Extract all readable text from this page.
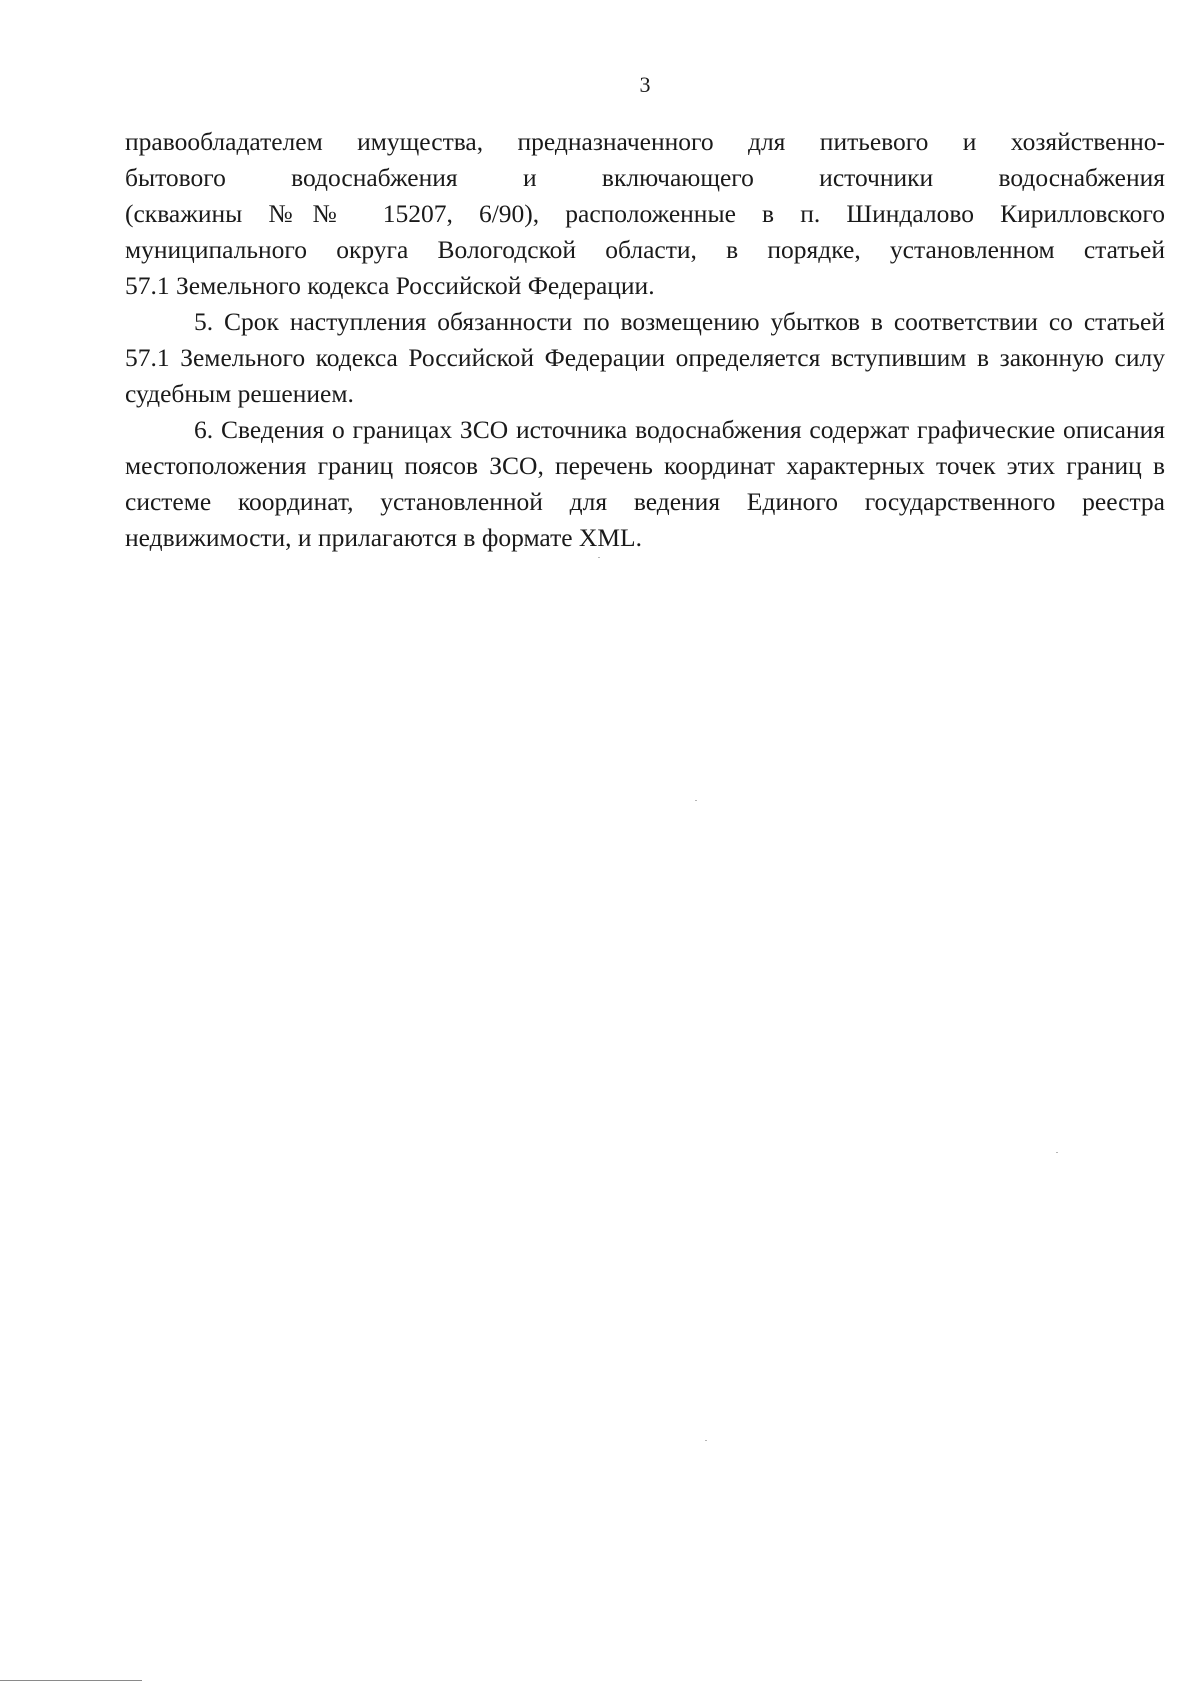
3

правообладателем имущества, предназначенного для питьевого и хозяйственно-

бытового водоснабжения и включающего источники водоснабжения

(скважины №№ 15207, 6/90), расположенные в п. Шиндалово Кирилловского

муниципального округа Вологодской области, в порядке, установленном статьей

57.1 Земельного кодекса Российской Федерации.

5. Срок наступления обязанности по возмещению убытков в соответствии со статьей 57.1 Земельного кодекса Российской Федерации определяется вступившим в законную силу судебным решением.

6. Сведения о границах ЗСО источника водоснабжения содержат графические описания местоположения границ поясов ЗСО, перечень координат характерных точек этих границ в системе координат, установленной для ведения Единого государственного реестра недвижимости, и прилагаются в формате XML.
